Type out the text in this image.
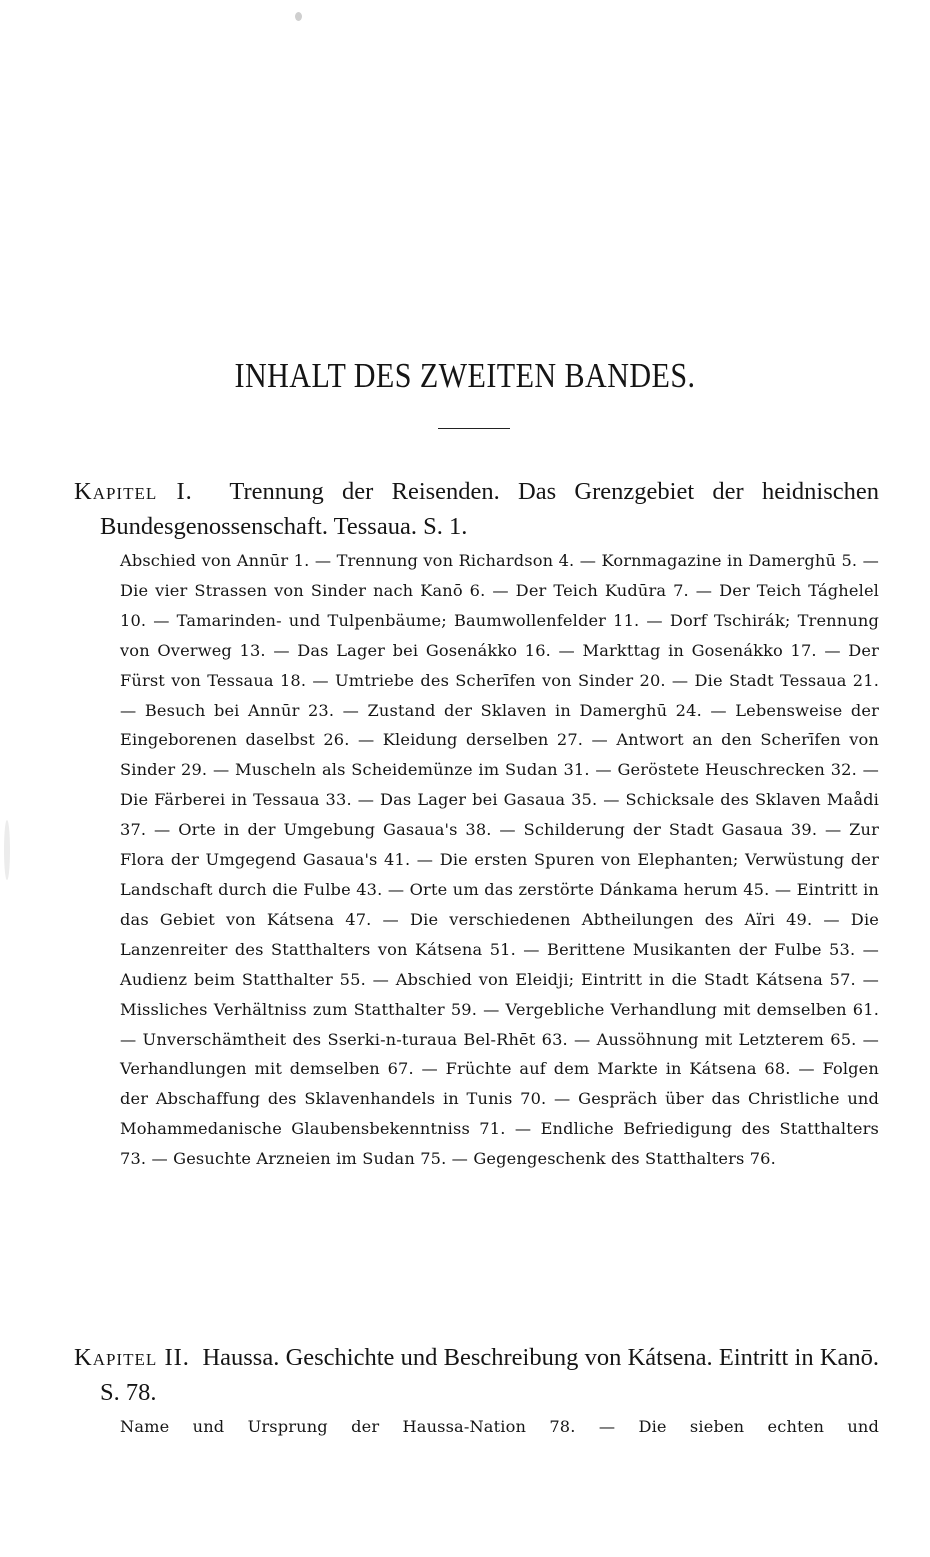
INHALT DES ZWEITEN BANDES.

Kapitel I. Trennung der Reisenden. Das Grenzgebiet der heidnischen Bundesgenossenschaft. Tessaua. S. 1.

Abschied von Annūr 1. — Trennung von Richardson 4. — Kornmagazine in Damerghū 5. — Die vier Strassen von Sinder nach Kanō 6. — Der Teich Kudūra 7. — Der Teich Tághelel 10. — Tamarinden- und Tulpenbäume; Baumwollenfelder 11. — Dorf Tschirák; Trennung von Overweg 13. — Das Lager bei Gosenákko 16. — Markttag in Gosenákko 17. — Der Fürst von Tessaua 18. — Umtriebe des Scherīfen von Sinder 20. — Die Stadt Tessaua 21. — Besuch bei Annūr 23. — Zustand der Sklaven in Damerghū 24. — Lebensweise der Eingeborenen daselbst 26. — Kleidung derselben 27. — Antwort an den Scherīfen von Sinder 29. — Muscheln als Scheidemünze im Sudan 31. — Geröstete Heuschrecken 32. — Die Färberei in Tessaua 33. — Das Lager bei Gasaua 35. — Schicksale des Sklaven Maådi 37. — Orte in der Umgebung Gasaua's 38. — Schilderung der Stadt Gasaua 39. — Zur Flora der Umgegend Gasaua's 41. — Die ersten Spuren von Elephanten; Verwüstung der Landschaft durch die Fulbe 43. — Orte um das zerstörte Dánkama herum 45. — Eintritt in das Gebiet von Kátsena 47. — Die verschiedenen Abtheilungen des Aïri 49. — Die Lanzenreiter des Statthalters von Kátsena 51. — Berittene Musikanten der Fulbe 53. — Audienz beim Statthalter 55. — Abschied von Eleidji; Eintritt in die Stadt Kátsena 57. — Missliches Verhältniss zum Statthalter 59. — Vergebliche Verhandlung mit demselben 61. — Unverschämtheit des Sserki-n-turaua Bel-Rhēt 63. — Aussöhnung mit Letzterem 65. — Verhandlungen mit demselben 67. — Früchte auf dem Markte in Kátsena 68. — Folgen der Abschaffung des Sklavenhandels in Tunis 70. — Gespräch über das Christliche und Mohammedanische Glaubensbekenntniss 71. — Endliche Befriedigung des Statthalters 73. — Gesuchte Arzneien im Sudan 75. — Gegengeschenk des Statthalters 76.

Kapitel II. Haussa. Geschichte und Beschreibung von Kátsena. Eintritt in Kanō. S. 78.

Name und Ursprung der Haussa-Nation 78. — Die sieben echten und
